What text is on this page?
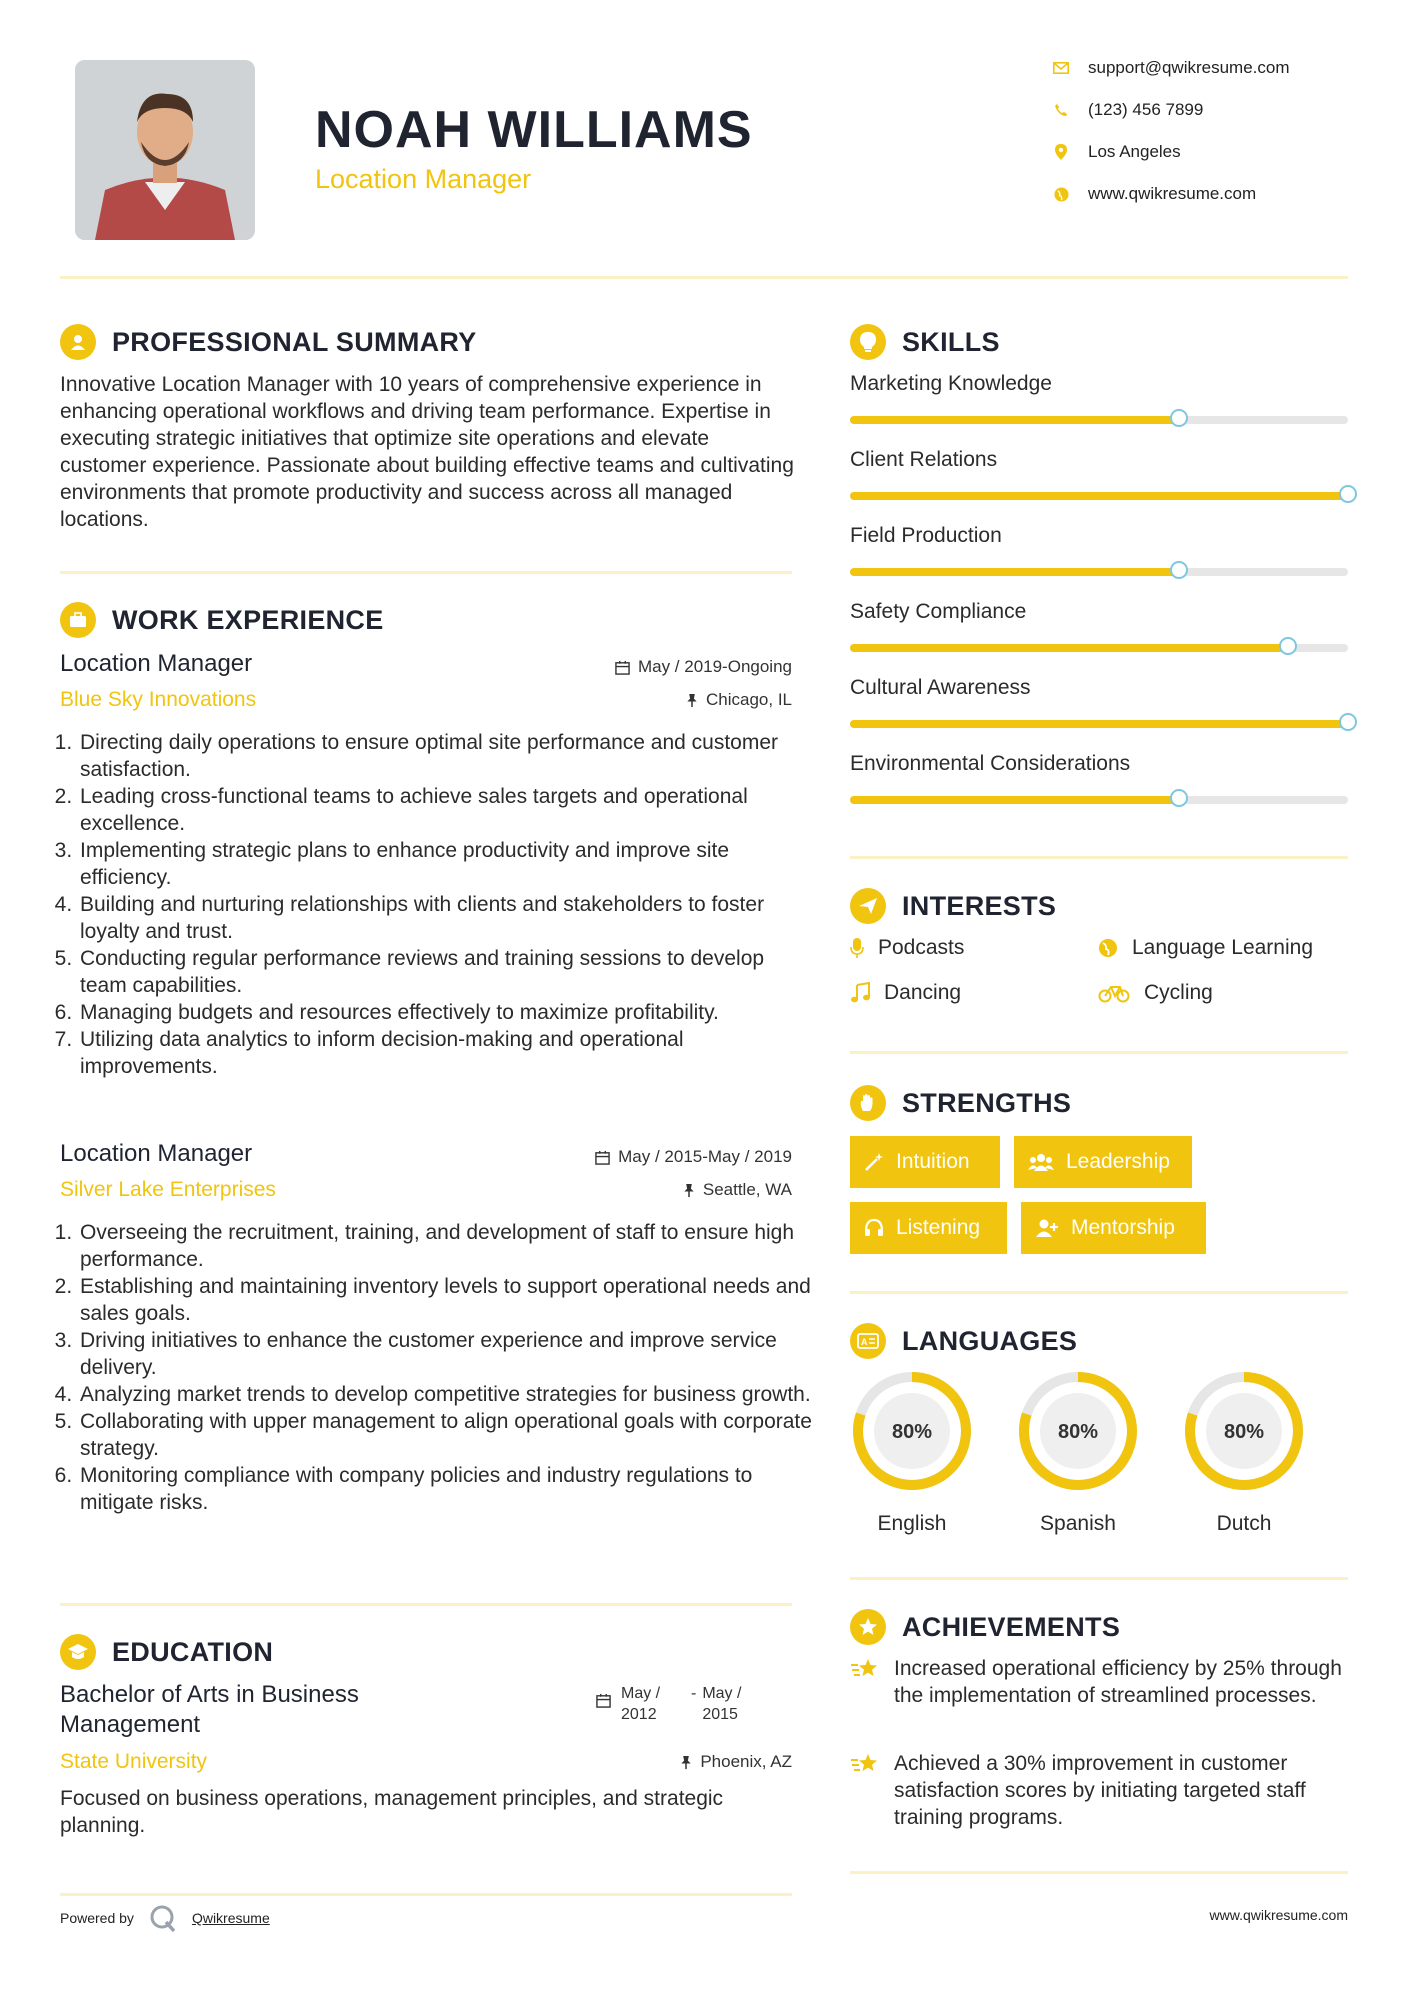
NOAH WILLIAMS
Location Manager
support@qwikresume.com
(123) 456 7899
Los Angeles
www.qwikresume.com
PROFESSIONAL SUMMARY
Innovative Location Manager with 10 years of comprehensive experience in enhancing operational workflows and driving team performance. Expertise in executing strategic initiatives that optimize site operations and elevate customer experience. Passionate about building effective teams and cultivating environments that promote productivity and success across all managed locations.
WORK EXPERIENCE
Location Manager	May / 2019-Ongoing
Blue Sky Innovations	Chicago, IL
1. Directing daily operations to ensure optimal site performance and customer satisfaction.
2. Leading cross-functional teams to achieve sales targets and operational excellence.
3. Implementing strategic plans to enhance productivity and improve site efficiency.
4. Building and nurturing relationships with clients and stakeholders to foster loyalty and trust.
5. Conducting regular performance reviews and training sessions to develop team capabilities.
6. Managing budgets and resources effectively to maximize profitability.
7. Utilizing data analytics to inform decision-making and operational improvements.
Location Manager	May / 2015-May / 2019
Silver Lake Enterprises	Seattle, WA
1. Overseeing the recruitment, training, and development of staff to ensure high performance.
2. Establishing and maintaining inventory levels to support operational needs and sales goals.
3. Driving initiatives to enhance the customer experience and improve service delivery.
4. Analyzing market trends to develop competitive strategies for business growth.
5. Collaborating with upper management to align operational goals with corporate strategy.
6. Monitoring compliance with company policies and industry regulations to mitigate risks.
EDUCATION
Bachelor of Arts in Business Management
May / 2012
- May / 2015
State University	Phoenix, AZ
Focused on business operations, management principles, and strategic planning.
SKILLS
Marketing Knowledge
Client Relations
Field Production
Safety Compliance
Cultural Awareness
Environmental Considerations
INTERESTS
Podcasts	Language Learning
Dancing	Cycling
STRENGTHS
Intuition	Leadership
Listening	Mentorship
A LANGUAGES
80%
English
80%
Spanish
80%
Dutch
ACHIEVEMENTS
Increased operational efficiency by 25% through the implementation of streamlined processes.
Achieved a 30% improvement in customer satisfaction scores by initiating targeted staff training programs.
Powered by	Qwikresume	www.qwikresume.com
